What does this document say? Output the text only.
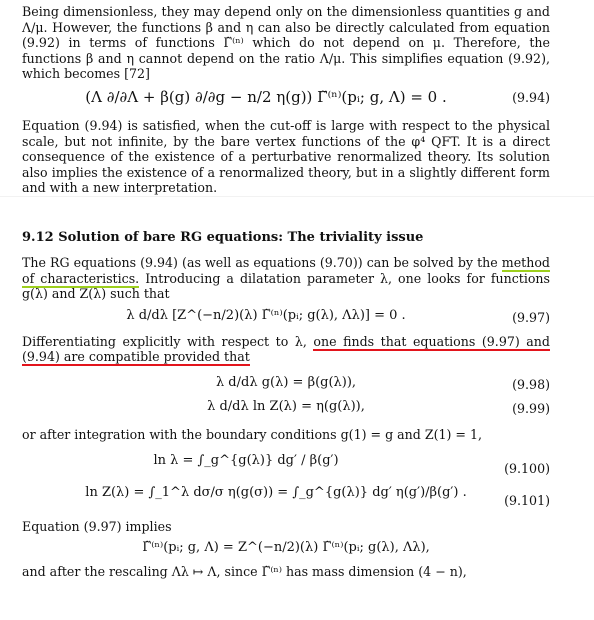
Being dimensionless, they may depend only on the dimensionless quantities g and Λ/μ. However, the functions β and η can also be directly calculated from equation (9.92) in terms of functions Γ̃⁽ⁿ⁾ which do not depend on μ. Therefore, the functions β and η cannot depend on the ratio Λ/μ. This simplifies equation (9.92), which becomes [72]

(Λ ∂/∂Λ + β(g) ∂/∂g − n/2 η(g)) Γ̃⁽ⁿ⁾(pᵢ; g, Λ) = 0 .	(9.94)

Equation (9.94) is satisfied, when the cut-off is large with respect to the physical scale, but not infinite, by the bare vertex functions of the φ⁴ QFT. It is a direct consequence of the existence of a perturbative renormalized theory. Its solution also implies the existence of a renormalized theory, but in a slightly different form and with a new interpretation.

9.12 Solution of bare RG equations: The triviality issue

The RG equations (9.94) (as well as equations (9.70)) can be solved by the method of characteristics. Introducing a dilatation parameter λ, one looks for functions g(λ) and Z(λ) such that

λ d/dλ [Z^(−n/2)(λ) Γ̃⁽ⁿ⁾(pᵢ; g(λ), Λλ)] = 0 .	(9.97)

Differentiating explicitly with respect to λ, one finds that equations (9.97) and (9.94) are compatible provided that

λ d/dλ g(λ) = β(g(λ)),	(9.98)
λ d/dλ ln Z(λ) = η(g(λ)),	(9.99)

or after integration with the boundary conditions g(1) = g and Z(1) = 1,

ln λ = ∫_g^{g(λ)} dg′ / β(g′)
(9.100)
ln Z(λ) = ∫_1^λ dσ/σ η(g(σ)) = ∫_g^{g(λ)} dg′ η(g′)/β(g′) .
(9.101)

Equation (9.97) implies

Γ̃⁽ⁿ⁾(pᵢ; g, Λ) = Z^(−n/2)(λ) Γ̃⁽ⁿ⁾(pᵢ; g(λ), Λλ),

and after the rescaling Λλ ↦ Λ, since Γ̃⁽ⁿ⁾ has mass dimension (4 − n),
